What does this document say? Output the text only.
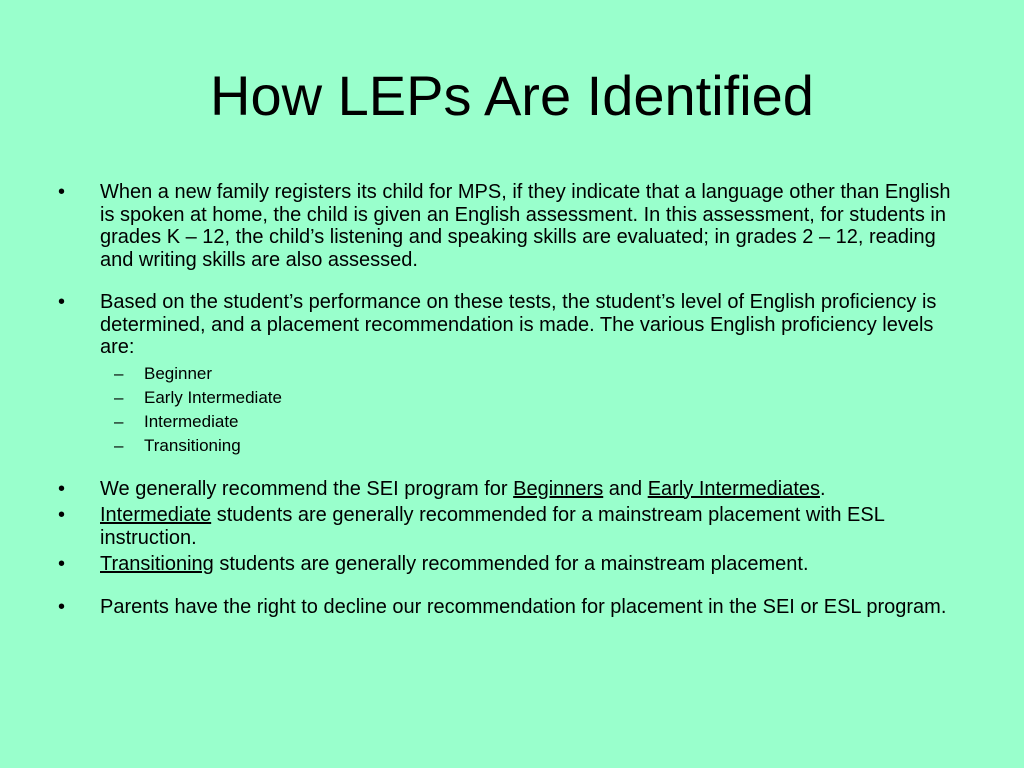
How LEPs Are Identified
•	When a new family registers its child for MPS, if they indicate that a language other than English is spoken at home, the child is given an English assessment. In this assessment, for students in grades K – 12, the child’s listening and speaking skills are evaluated; in grades 2 – 12, reading and writing skills are also assessed.
•	Based on the student’s performance on these tests, the student’s level of English proficiency is determined, and a placement recommendation is made. The various English proficiency levels are:
– Beginner
– Early Intermediate
– Intermediate
– Transitioning
•	We generally recommend the SEI program for Beginners and Early Intermediates.
•	Intermediate students are generally recommended for a mainstream placement with ESL instruction.
•	Transitioning students are generally recommended for a mainstream placement.
•	Parents have the right to decline our recommendation for placement in the SEI or ESL program.
